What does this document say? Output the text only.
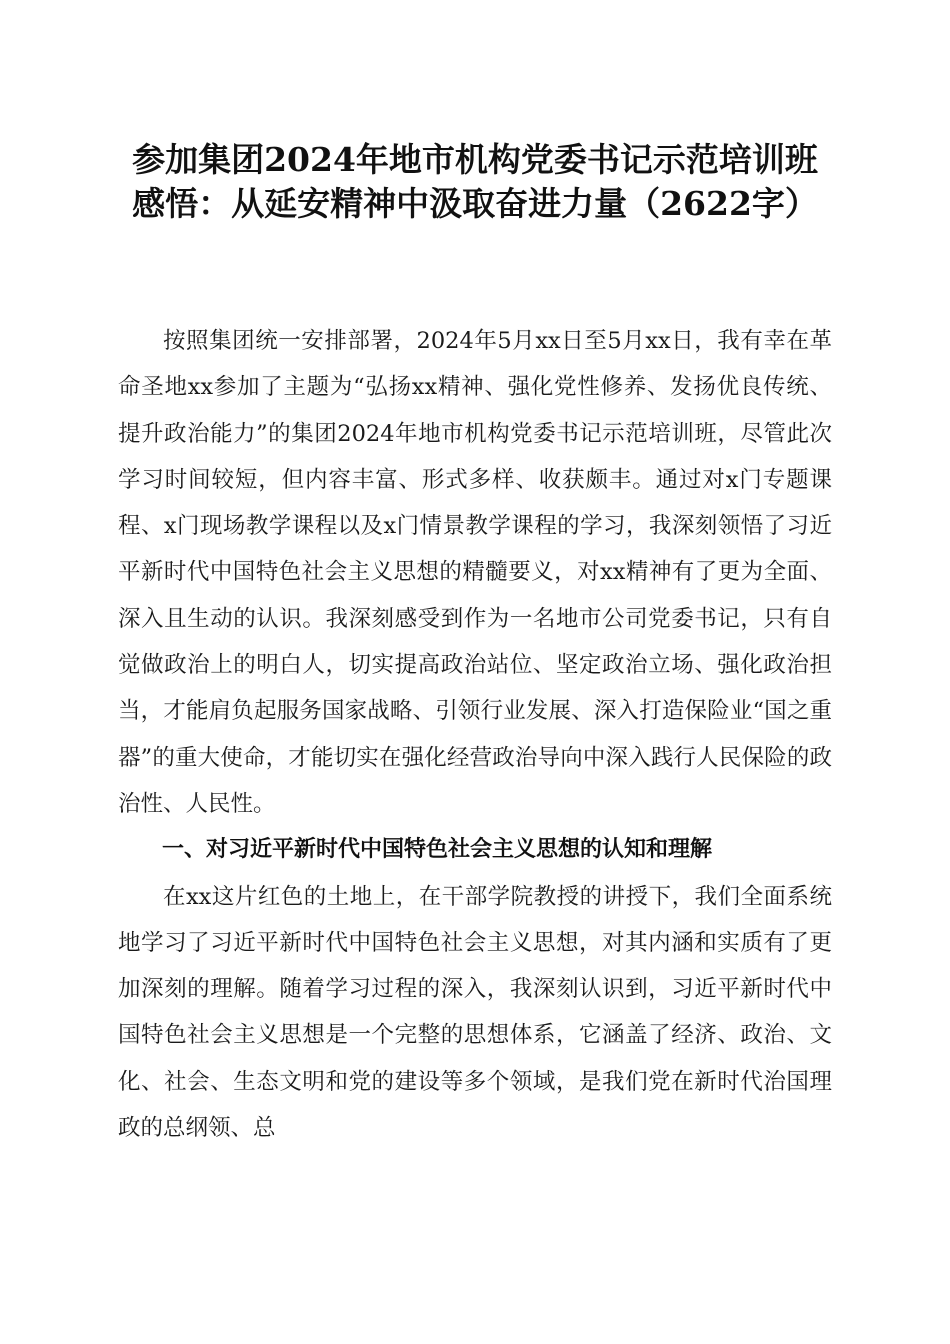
参加集团2024年地市机构党委书记示范培训班感悟：从延安精神中汲取奋进力量（2622字）

按照集团统一安排部署，2024年5月xx日至5月xx日，我有幸在革命圣地xx参加了主题为“弘扬xx精神、强化党性修养、发扬优良传统、提升政治能力”的集团2024年地市机构党委书记示范培训班，尽管此次学习时间较短，但内容丰富、形式多样、收获颇丰。通过对x门专题课程、x门现场教学课程以及x门情景教学课程的学习，我深刻领悟了习近平新时代中国特色社会主义思想的精髓要义，对xx精神有了更为全面、深入且生动的认识。我深刻感受到作为一名地市公司党委书记，只有自觉做政治上的明白人，切实提高政治站位、坚定政治立场、强化政治担当，才能肩负起服务国家战略、引领行业发展、深入打造保险业“国之重器”的重大使命，才能切实在强化经营政治导向中深入践行人民保险的政治性、人民性。

一、对习近平新时代中国特色社会主义思想的认知和理解

在xx这片红色的土地上，在干部学院教授的讲授下，我们全面系统地学习了习近平新时代中国特色社会主义思想，对其内涵和实质有了更加深刻的理解。随着学习过程的深入，我深刻认识到，习近平新时代中国特色社会主义思想是一个完整的思想体系，它涵盖了经济、政治、文化、社会、生态文明和党的建设等多个领域，是我们党在新时代治国理政的总纲领、总
